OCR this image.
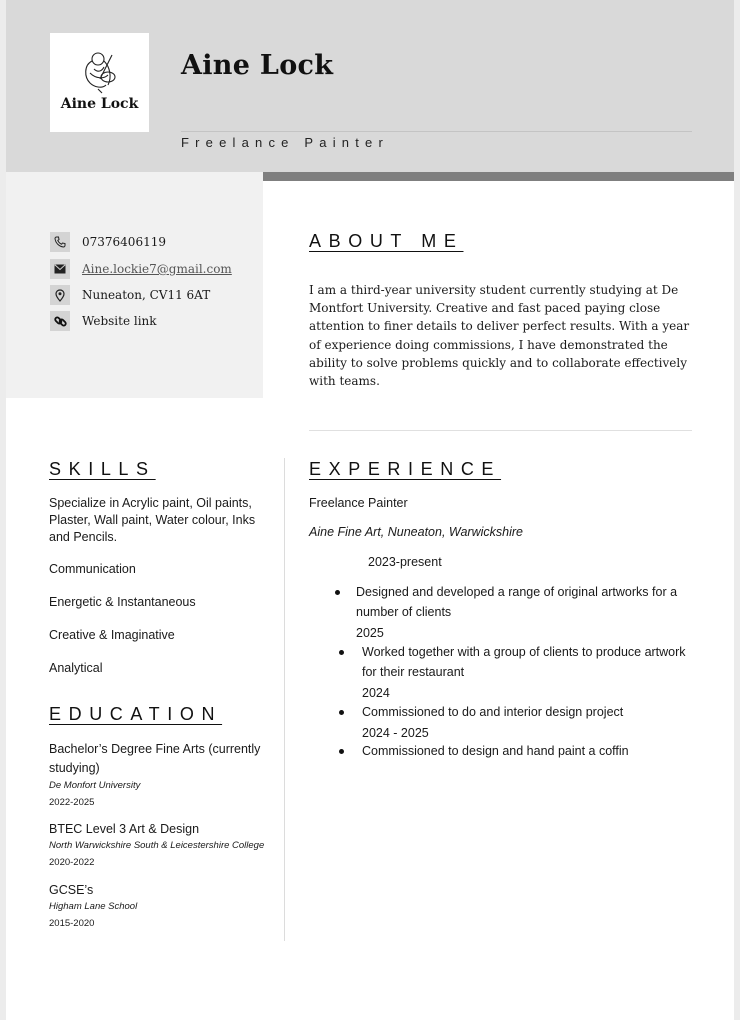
Aine Lock
Aine Lock
Freelance Painter
07376406119
Aine.lockie7@gmail.com
Nuneaton, CV11 6AT
Website link
ABOUT ME
I am a third-year university student currently studying at De Montfort University. Creative and fast paced paying close attention to finer details to deliver perfect results. With a year of experience doing commissions, I have demonstrated the ability to solve problems quickly and to collaborate effectively with teams.
SKILLS
Specialize in Acrylic paint, Oil paints, Plaster, Wall paint, Water colour, Inks and Pencils.
Communication
Energetic & Instantaneous
Creative & Imaginative
Analytical
EDUCATION
Bachelor’s Degree Fine Arts (currently studying)
De Monfort University
2022-2025
BTEC Level 3 Art & Design
North Warwickshire South & Leicestershire College
2020-2022
GCSE’s
Higham Lane School
2015-2020
EXPERIENCE
Freelance Painter
Aine Fine Art, Nuneaton, Warwickshire
2023-present
Designed and developed a range of original artworks for a number of clients
2025
Worked together with a group of clients to produce artwork for their restaurant
2024
Commissioned to do and interior design project
2024 - 2025
Commissioned to design and hand paint a coffin
